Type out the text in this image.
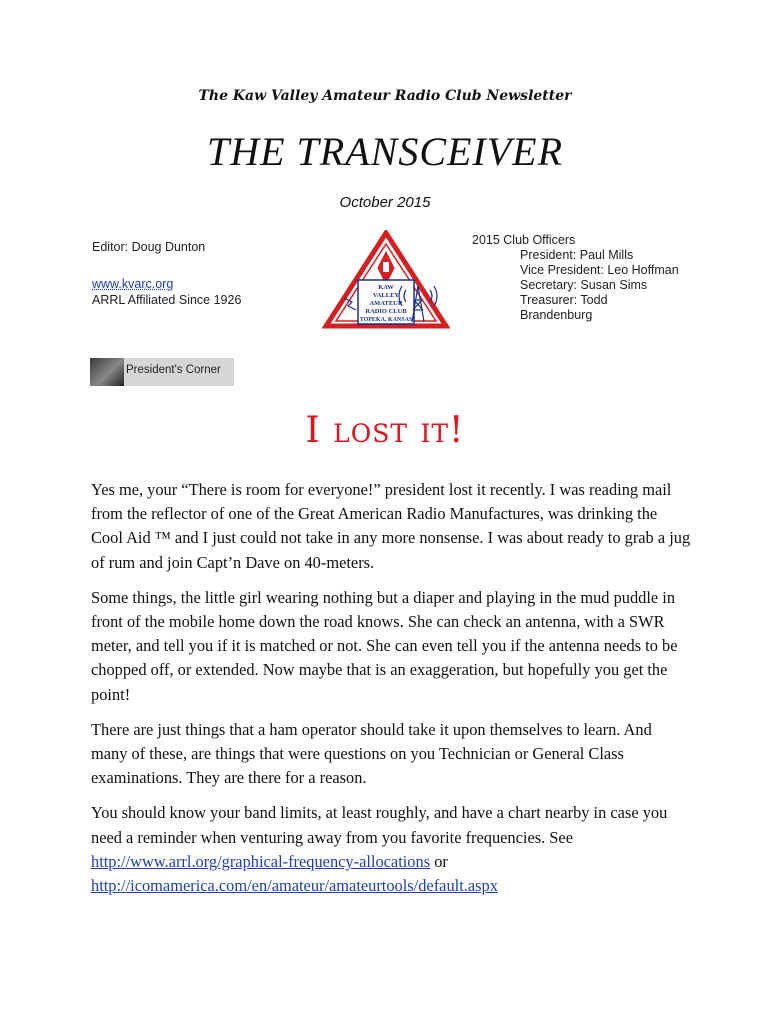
The Kaw Valley Amateur Radio Club Newsletter
THE TRANSCEIVER
October 2015
Editor: Doug Dunton
www.kvarc.org
ARRL Affiliated Since 1926
KAW
VALLEY
AMATEUR
RADIO CLUB
TOPEKA, KANSAS
2015 Club Officers
President: Paul Mills
Vice President: Leo Hoffman
Secretary: Susan Sims
Treasurer: Todd
Brandenburg
President's Corner
I lost it!

Yes me, your “There is room for everyone!” president lost it recently. I was reading mail from the reflector of one of the Great American Radio Manufactures, was drinking the Cool Aid ™ and I just could not take in any more nonsense. I was about ready to grab a jug of rum and join Capt’n Dave on 40-meters.

Some things, the little girl wearing nothing but a diaper and playing in the mud puddle in front of the mobile home down the road knows. She can check an antenna, with a SWR meter, and tell you if it is matched or not. She can even tell you if the antenna needs to be chopped off, or extended. Now maybe that is an exaggeration, but hopefully you get the point!

There are just things that a ham operator should take it upon themselves to learn. And many of these, are things that were questions on you Technician or General Class examinations. They are there for a reason.

You should know your band limits, at least roughly, and have a chart nearby in case you need a reminder when venturing away from you favorite frequencies. See http://www.arrl.org/graphical-frequency-allocations or http://icomamerica.com/en/amateur/amateurtools/default.aspx
